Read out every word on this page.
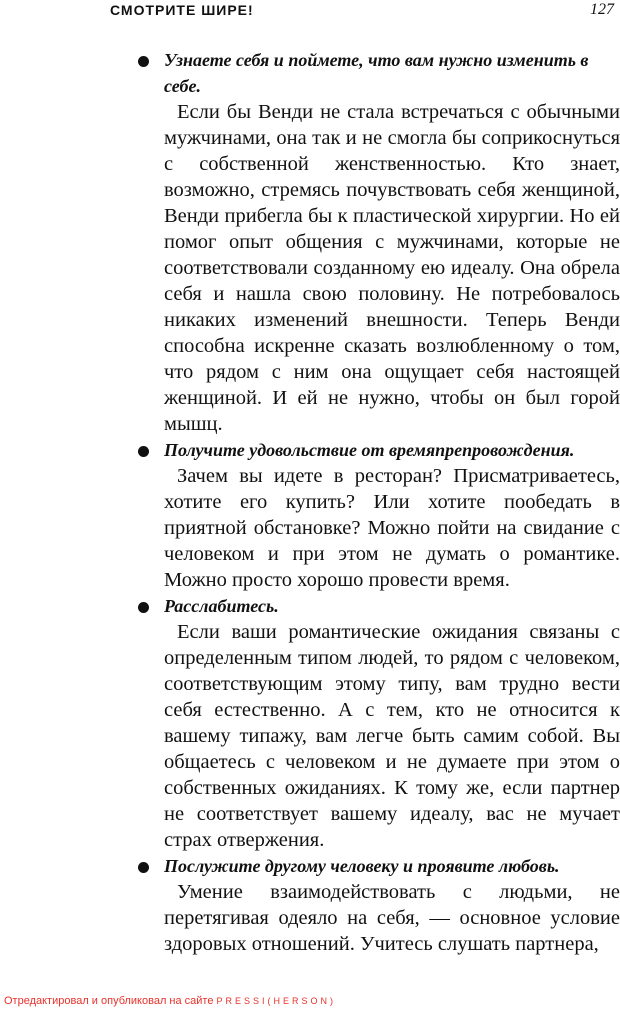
СМОТРИТЕ ШИРЕ!	127

Узнаете себя и поймете, что вам нужно изменить в себе.

Если бы Венди не стала встречаться с обычными мужчинами, она так и не смогла бы соприкоснуться с собственной женственностью. Кто знает, возможно, стремясь почувствовать себя женщиной, Венди прибегла бы к пластической хирургии. Но ей помог опыт общения с мужчинами, которые не соответствовали созданному ею идеалу. Она обрела себя и нашла свою половину. Не потребовалось никаких изменений внешности. Теперь Венди способна искренне сказать возлюбленному о том, что рядом с ним она ощущает себя настоящей женщиной. И ей не нужно, чтобы он был горой мышц.

Получите удовольствие от времяпрепровождения.

Зачем вы идете в ресторан? Присматриваетесь, хотите его купить? Или хотите пообедать в приятной обстановке? Можно пойти на свидание с человеком и при этом не думать о романтике. Можно просто хорошо провести время.

Расслабитесь.

Если ваши романтические ожидания связаны с определенным типом людей, то рядом с человеком, соответствующим этому типу, вам трудно вести себя естественно. А с тем, кто не относится к вашему типажу, вам легче быть самим собой. Вы общаетесь с человеком и не думаете при этом о собственных ожиданиях. К тому же, если партнер не соответствует вашему идеалу, вас не мучает страх отвержения.

Послужите другому человеку и проявите любовь.

Умение взаимодействовать с людьми, не перетягивая одеяло на себя, — основное условие здоровых отношений. Учитесь слушать партнера,

Отредактировал и опубликовал на сайте PRESSI(HERSON)
